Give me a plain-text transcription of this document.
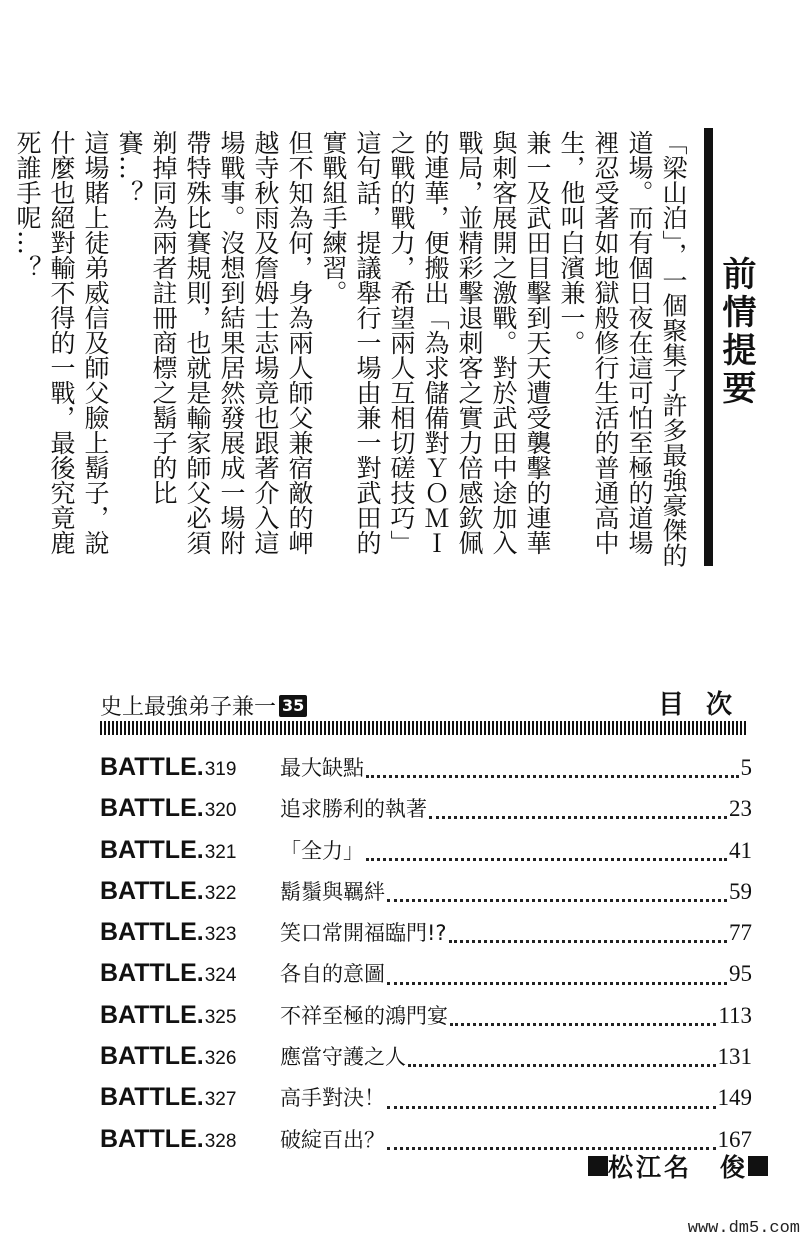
前情提要

「梁山泊」，一個聚集了許多最強豪傑的道場。而有個日夜在這可怕至極的道場裡忍受著如地獄般修行生活的普通高中生，他叫白濱兼一。

兼一及武田目擊到天天遭受襲擊的連華與刺客展開之激戰。對於武田中途加入戰局，並精彩擊退刺客之實力倍感欽佩的連華，便搬出「為求儲備對ＹＯＭＩ之戰的戰力，希望兩人互相切磋技巧」這句話，提議舉行一場由兼一對武田的實戰組手練習。

但不知為何，身為兩人師父兼宿敵的岬越寺秋雨及詹姆士志場竟也跟著介入這場戰事。沒想到結果居然發展成一場附帶特殊比賽規則，也就是輸家師父必須剃掉同為兩者註冊商標之鬍子的比賽…？

這場賭上徒弟威信及師父臉上鬍子，說什麼也絕對輸不得的一戰，最後究竟鹿死誰手呢…？

史上最強弟子兼一 35	目次
BATTLE.319	最大缺點	5
BATTLE.320	追求勝利的執著	23
BATTLE.321	「全力」	41
BATTLE.322	鬍鬚與羈絆	59
BATTLE.323	笑口常開福臨門!?	77
BATTLE.324	各自的意圖	95
BATTLE.325	不祥至極的鴻門宴	113
BATTLE.326	應當守護之人	131
BATTLE.327	高手對決！	149
BATTLE.328	破綻百出？	167
松江名　俊
www.dm5.com
